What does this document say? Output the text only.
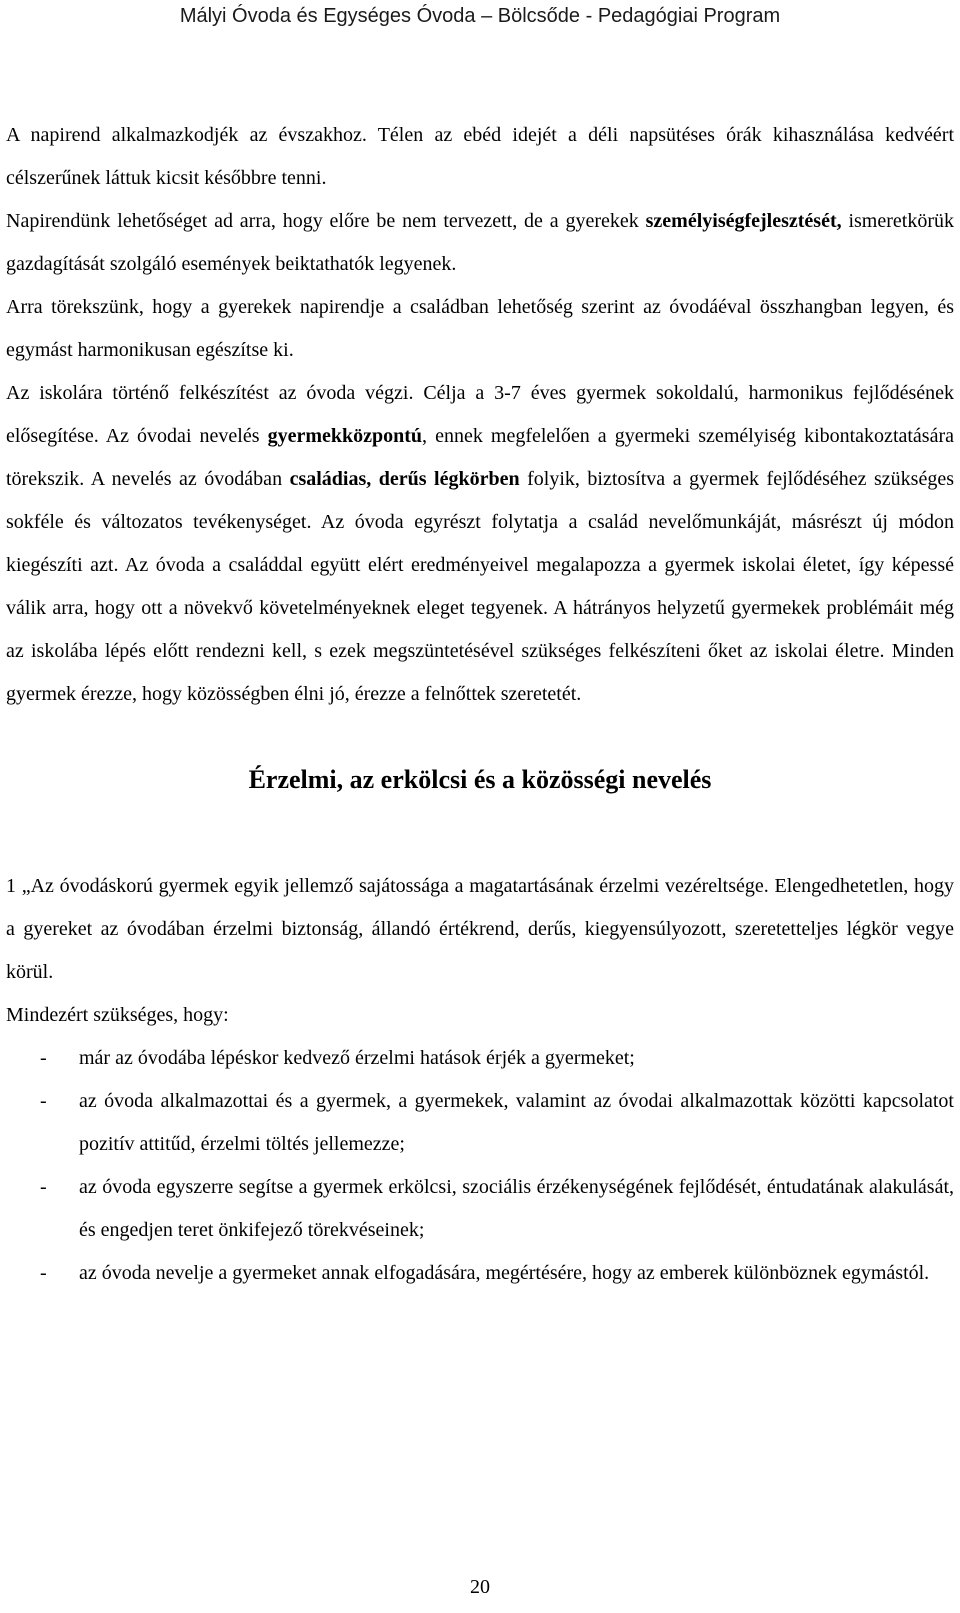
Mályi Óvoda és Egységes Óvoda – Bölcsőde - Pedagógiai Program

A napirend alkalmazkodjék az évszakhoz. Télen az ebéd idejét a déli napsütéses órák kihasználása kedvéért célszerűnek láttuk kicsit későbbre tenni.

Napirendünk lehetőséget ad arra, hogy előre be nem tervezett, de a gyerekek személyiségfejlesztését, ismeretkörük gazdagítását szolgáló események beiktathatók legyenek.

Arra törekszünk, hogy a gyerekek napirendje a családban lehetőség szerint az óvodáéval összhangban legyen, és egymást harmonikusan egészítse ki.

Az iskolára történő felkészítést az óvoda végzi. Célja a 3-7 éves gyermek sokoldalú, harmonikus fejlődésének elősegítése. Az óvodai nevelés gyermekközpontú, ennek megfelelően a gyermeki személyiség kibontakoztatására törekszik. A nevelés az óvodában családias, derűs légkörben folyik, biztosítva a gyermek fejlődéséhez szükséges sokféle és változatos tevékenységet. Az óvoda egyrészt folytatja a család nevelőmunkáját, másrészt új módon kiegészíti azt. Az óvoda a családdal együtt elért eredményeivel megalapozza a gyermek iskolai életet, így képessé válik arra, hogy ott a növekvő követelményeknek eleget tegyenek. A hátrányos helyzetű gyermekek problémáit még az iskolába lépés előtt rendezni kell, s ezek megszüntetésével szükséges felkészíteni őket az iskolai életre. Minden gyermek érezze, hogy közösségben élni jó, érezze a felnőttek szeretetét.

Érzelmi, az erkölcsi és a közösségi nevelés

1 „Az óvodáskorú gyermek egyik jellemző sajátossága a magatartásának érzelmi vezéreltsége. Elengedhetetlen, hogy a gyereket az óvodában érzelmi biztonság, állandó értékrend, derűs, kiegyensúlyozott, szeretetteljes légkör vegye körül.

Mindezért szükséges, hogy:

- már az óvodába lépéskor kedvező érzelmi hatások érjék a gyermeket;
- az óvoda alkalmazottai és a gyermek, a gyermekek, valamint az óvodai alkalmazottak közötti kapcsolatot pozitív attitűd, érzelmi töltés jellemezze;
- az óvoda egyszerre segítse a gyermek erkölcsi, szociális érzékenységének fejlődését, éntudatának alakulását, és engedjen teret önkifejező törekvéseinek;
- az óvoda nevelje a gyermeket annak elfogadására, megértésére, hogy az emberek különböznek egymástól.
20
